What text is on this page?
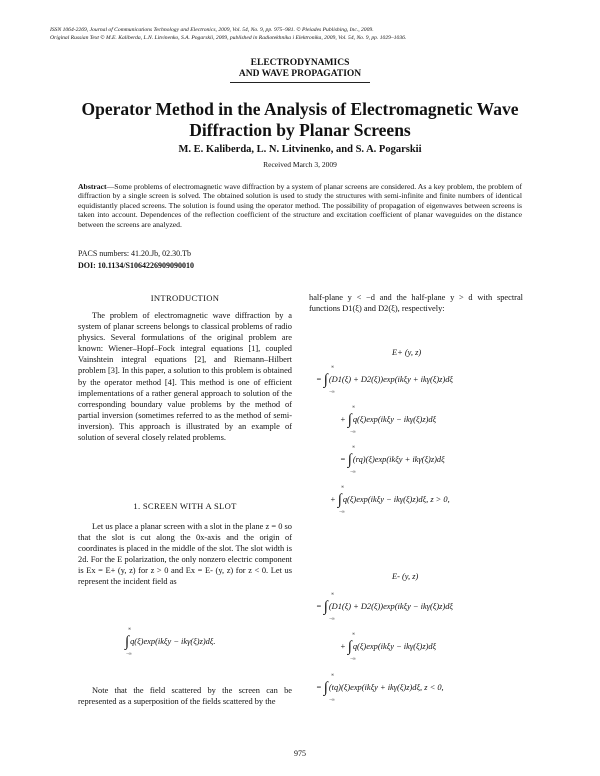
ISSN 1064-2269, Journal of Communications Technology and Electronics, 2009, Vol. 54, No. 9, pp. 975–981. © Pleiades Publishing, Inc., 2009.
Original Russian Text © M.E. Kaliberda, L.N. Litvinenko, S.A. Pogarskii, 2009, published in Radiotekhnika i Elektronika, 2009, Vol. 54, No. 9, pp. 1029–1036.
ELECTRODYNAMICS
AND WAVE PROPAGATION
Operator Method in the Analysis of Electromagnetic Wave
Diffraction by Planar Screens
M. E. Kaliberda, L. N. Litvinenko, and S. A. Pogarskii
Received March 3, 2009
Abstract—Some problems of electromagnetic wave diffraction by a system of planar screens are considered. As a key problem, the problem of diffraction by a single screen is solved. The obtained solution is used to study the structures with semi-infinite and finite numbers of identical equidistantly placed screens. The solution is found using the operator method. The possibility of propagation of eigenwaves between screens is taken into account. Dependences of the reflection coefficient of the structure and excitation coefficient of planar waveguides on the distance between the screens are analyzed.
PACS numbers: 41.20.Jb, 02.30.Tb
DOI: 10.1134/S1064226909090010
INTRODUCTION
The problem of electromagnetic wave diffraction by a system of planar screens belongs to classical problems of radio physics. Several formulations of the original problem are known: Wiener–Hopf–Fock integral equations [1], coupled Vainshtein integral equations [2], and Riemann–Hilbert problem [3]. In this paper, a solution to this problem is obtained by the operator method [4]. This method is one of efficient implementations of a rather general approach to solution of the corresponding boundary value problems by the method of partial inversion (sometimes referred to as the method of semi-inversion). This approach is illustrated by an example of solution of several closely related problems.
1. SCREEN WITH A SLOT
Let us place a planar screen with a slot in the plane z = 0 so that the slot is cut along the 0x-axis and the origin of coordinates is placed in the middle of the slot. The slot width is 2d. For the E polarization, the only nonzero electric component is Ex = E+ (y, z) for z > 0 and Ex = E- (y, z) for z < 0. Let us represent the incident field as
∞
∫q(ξ)exp(ikξy − ikγ(ξ)z)dξ.
−∞
Note that the field scattered by the screen can be represented as a superposition of the fields scattered by the
half-plane y < −d and the half-plane y > d with spectral functions D1(ξ) and D2(ξ), respectively:
E+ (y, z)
∞
= ∫(D1(ξ) + D2(ξ))exp(ikξy + ikγ(ξ)z)dξ
−∞
∞
+ ∫q(ξ)exp(ikξy − ikγ(ξ)z)dξ
−∞
∞
= ∫(rq)(ξ)exp(ikξy + ikγ(ξ)z)dξ
−∞
∞
+ ∫q(ξ)exp(ikξy − ikγ(ξ)z)dξ, z > 0,
−∞
E- (y, z)
∞
= ∫(D1(ξ) + D2(ξ))exp(ikξy − ikγ(ξ)z)dξ
−∞
∞
+ ∫q(ξ)exp(ikξy − ikγ(ξ)z)dξ
−∞
∞
= ∫(tq)(ξ)exp(ikξy + ikγ(ξ)z)dξ, z < 0,
−∞
975
